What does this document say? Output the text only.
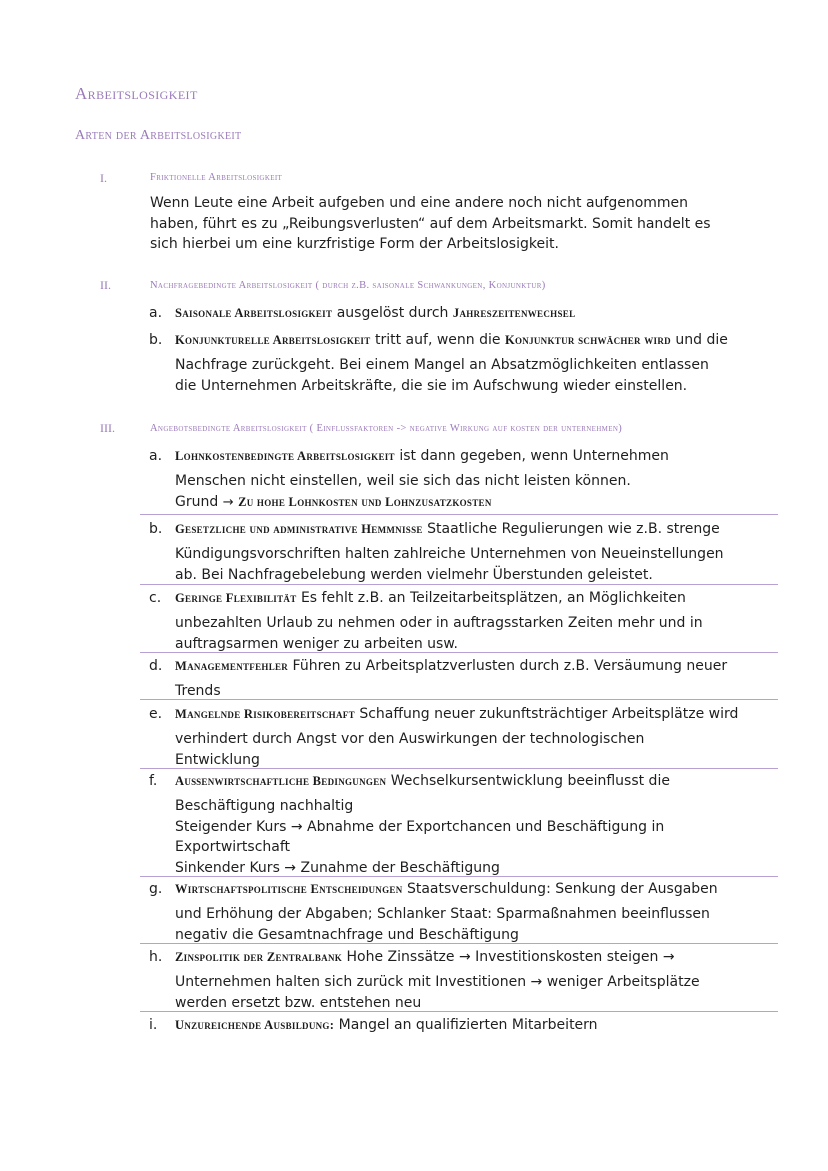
Arbeitslosigkeit
Arten der Arbeitslosigkeit
I.	Friktionelle Arbeitslosigkeit
Wenn Leute eine Arbeit aufgeben und eine andere noch nicht aufgenommen
haben, führt es zu „Reibungsverlusten“ auf dem Arbeitsmarkt. Somit handelt es
sich hierbei um eine kurzfristige Form der Arbeitslosigkeit.
II.	Nachfragebedingte Arbeitslosigkeit ( durch z.B. saisonale Schwankungen, Konjunktur)
a.	Saisonale Arbeitslosigkeit ausgelöst durch Jahreszeitenwechsel
b.	Konjunkturelle Arbeitslosigkeit tritt auf, wenn die Konjunktur schwächer wird und die
Nachfrage zurückgeht. Bei einem Mangel an Absatzmöglichkeiten entlassen
die Unternehmen Arbeitskräfte, die sie im Aufschwung wieder einstellen.
III.	Angebotsbedingte Arbeitslosigkeit ( Einflussfaktoren -> negative Wirkung auf kosten der unternehmen)
a.	Lohnkostenbedingte Arbeitslosigkeit ist dann gegeben, wenn Unternehmen
Menschen nicht einstellen, weil sie sich das nicht leisten können.
Grund → Zu hohe Lohnkosten und Lohnzusatzkosten
b.	Gesetzliche und administrative Hemmnisse Staatliche Regulierungen wie z.B. strenge
Kündigungsvorschriften halten zahlreiche Unternehmen von Neueinstellungen
ab. Bei Nachfragebelebung werden vielmehr Überstunden geleistet.
c.	Geringe Flexibilität Es fehlt z.B. an Teilzeitarbeitsplätzen, an Möglichkeiten
unbezahlten Urlaub zu nehmen oder in auftragsstarken Zeiten mehr und in
auftragsarmen weniger zu arbeiten usw.
d.	Managementfehler Führen zu Arbeitsplatzverlusten durch z.B. Versäumung neuer
Trends
e.	Mangelnde Risikobereitschaft Schaffung neuer zukunftsträchtiger Arbeitsplätze wird
verhindert durch Angst vor den Auswirkungen der technologischen
Entwicklung
f.	Außenwirtschaftliche Bedingungen Wechselkursentwicklung beeinflusst die
Beschäftigung nachhaltig
Steigender Kurs → Abnahme der Exportchancen und Beschäftigung in
Exportwirtschaft
Sinkender Kurs → Zunahme der Beschäftigung
g.	Wirtschaftspolitische Entscheidungen Staatsverschuldung: Senkung der Ausgaben
und Erhöhung der Abgaben; Schlanker Staat: Sparmaßnahmen beeinflussen
negativ die Gesamtnachfrage und Beschäftigung
h.	Zinspolitik der Zentralbank Hohe Zinssätze → Investitionskosten steigen →
Unternehmen halten sich zurück mit Investitionen → weniger Arbeitsplätze
werden ersetzt bzw. entstehen neu
i.	Unzureichende Ausbildung: Mangel an qualifizierten Mitarbeitern
